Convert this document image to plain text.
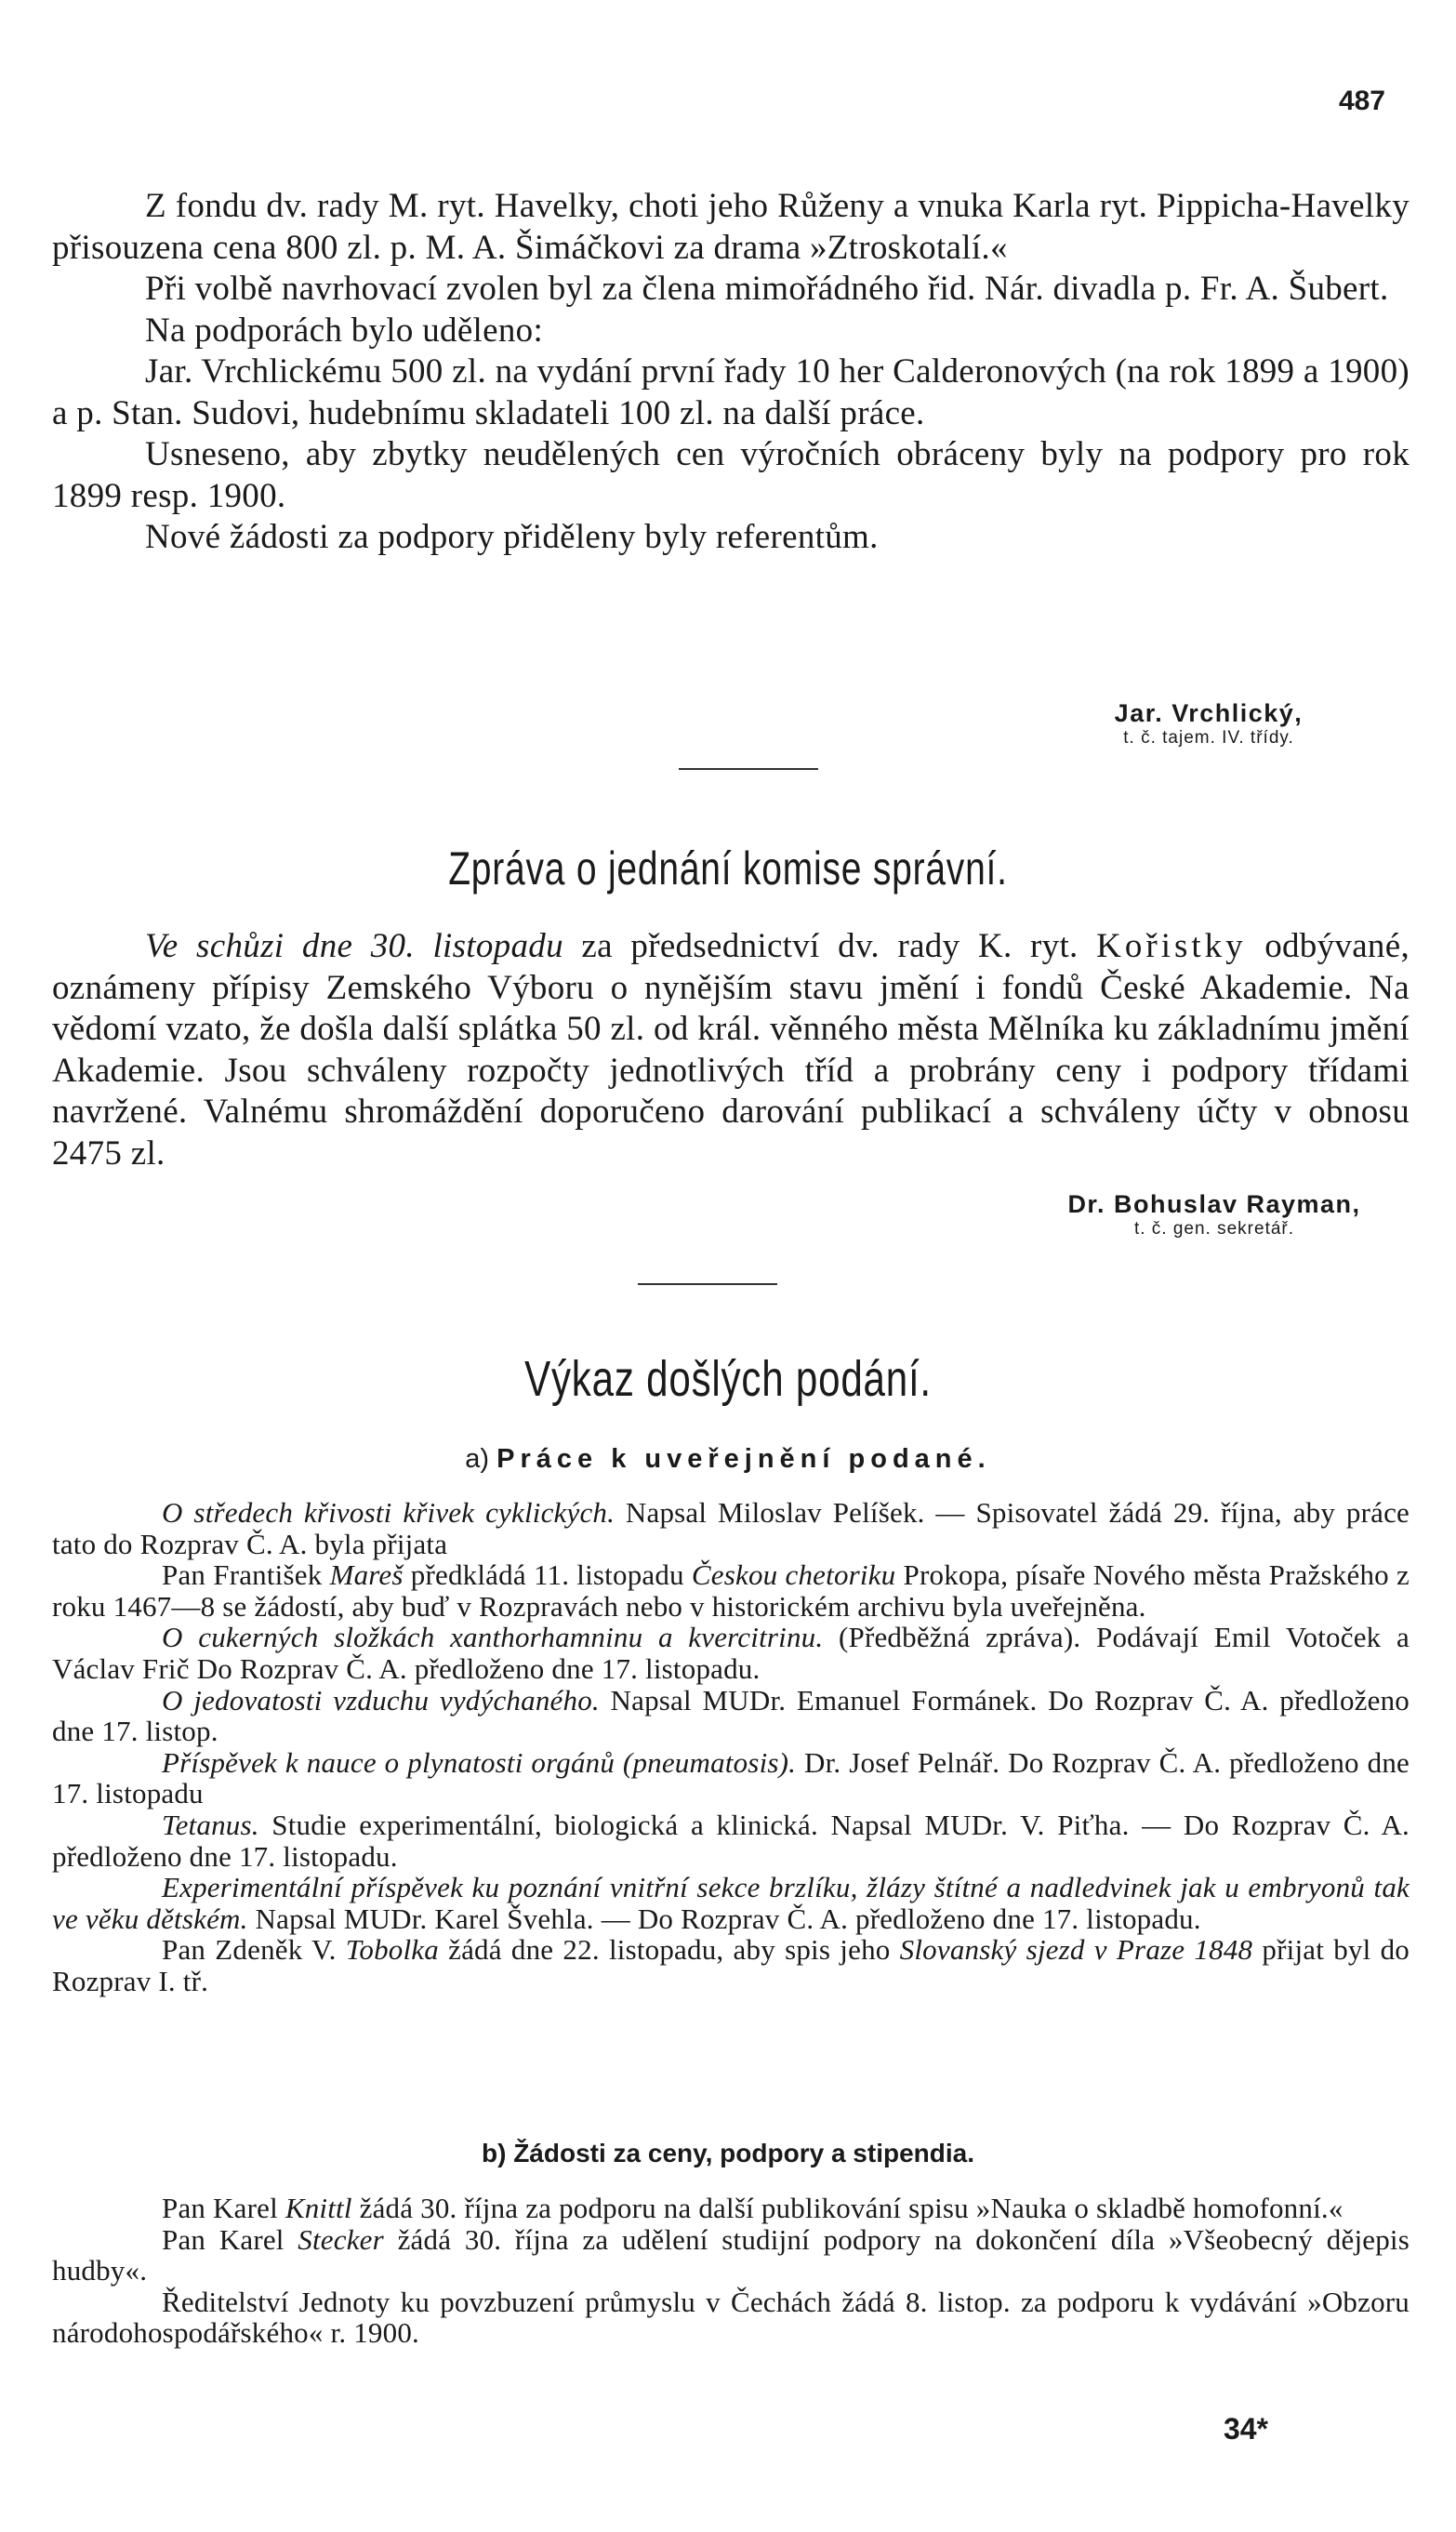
487

Z fondu dv. rady M. ryt. Havelky, choti jeho Růženy a vnuka Karla ryt. Pippicha-Havelky přisouzena cena 800 zl. p. M. A. Šimáčkovi za drama »Ztroskotalí.«

Při volbě navrhovací zvolen byl za člena mimořádného řid. Nár. divadla p. Fr. A. Šubert.

Na podporách bylo uděleno:

Jar. Vrchlickému 500 zl. na vydání první řady 10 her Calderonových (na rok 1899 a 1900) a p. Stan. Sudovi, hudebnímu skladateli 100 zl. na další práce.

Usneseno, aby zbytky neudělených cen výročních obráceny byly na podpory pro rok 1899 resp. 1900.

Nové žádosti za podpory přiděleny byly referentům.

Jar. Vrchlický,
t. č. tajem. IV. třídy.
Zpráva o jednání komise správní.

Ve schůzi dne 30. listopadu za předsednictví dv. rady K. ryt. Kořistky odbývané, oznámeny přípisy Zemského Výboru o nynějším stavu jmění i fondů České Akademie. Na vědomí vzato, že došla další splátka 50 zl. od král. věnného města Mělníka ku základnímu jmění Akademie. Jsou schváleny rozpočty jednotlivých tříd a probrány ceny i podpory třídami navržené. Valnému shromáždění doporučeno darování publikací a schváleny účty v obnosu 2475 zl.

Dr. Bohuslav Rayman,
t. č. gen. sekretář.
Výkaz došlých podání.
a) Práce k uveřejnění podané.

O středech křivosti křivek cyklických. Napsal Miloslav Pelíšek. — Spisovatel žádá 29. října, aby práce tato do Rozprav Č. A. byla přijata

Pan František Mareš předkládá 11. listopadu Českou chetoriku Prokopa, písaře Nového města Pražského z roku 1467—8 se žádostí, aby buď v Rozpravách nebo v historickém archivu byla uveřejněna.

O cukerných složkách xanthorhamninu a kvercitrinu. (Předběžná zpráva). Podávají Emil Votoček a Václav Frič Do Rozprav Č. A. předloženo dne 17. listopadu.

O jedovatosti vzduchu vydýchaného. Napsal MUDr. Emanuel Formánek. Do Rozprav Č. A. předloženo dne 17. listop.

Příspěvek k nauce o plynatosti orgánů (pneumatosis). Dr. Josef Pelnář. Do Rozprav Č. A. předloženo dne 17. listopadu

Tetanus. Studie experimentální, biologická a klinická. Napsal MUDr. V. Piťha. — Do Rozprav Č. A. předloženo dne 17. listopadu.

Experimentální příspěvek ku poznání vnitřní sekce brzlíku, žlázy štítné a nadledvinek jak u embryonů tak ve věku dětském. Napsal MUDr. Karel Švehla. — Do Rozprav Č. A. předloženo dne 17. listopadu.

Pan Zdeněk V. Tobolka žádá dne 22. listopadu, aby spis jeho Slovanský sjezd v Praze 1848 přijat byl do Rozprav I. tř.

b) Žádosti za ceny, podpory a stipendia.

Pan Karel Knittl žádá 30. října za podporu na další publikování spisu »Nauka o skladbě homofonní.«

Pan Karel Stecker žádá 30. října za udělení studijní podpory na dokončení díla »Všeobecný dějepis hudby«.

Ředitelství Jednoty ku povzbuzení průmyslu v Čechách žádá 8. listop. za podporu k vydávání »Obzoru národohospodářského« r. 1900.

34*
